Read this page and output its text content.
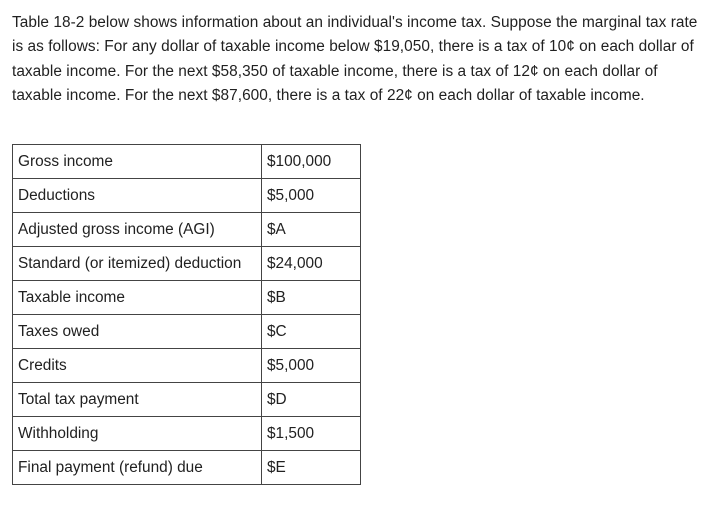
Table 18-2 below shows information about an individual's income tax. Suppose the marginal tax rate is as follows: For any dollar of taxable income below $19,050, there is a tax of 10¢ on each dollar of taxable income. For the next $58,350 of taxable income, there is a tax of 12¢ on each dollar of taxable income. For the next $87,600, there is a tax of 22¢ on each dollar of taxable income.

Gross income	$100,000
Deductions	$5,000
Adjusted gross income (AGI)	$A
Standard (or itemized) deduction	$24,000
Taxable income	$B
Taxes owed	$C
Credits	$5,000
Total tax payment	$D
Withholding	$1,500
Final payment (refund) due	$E
